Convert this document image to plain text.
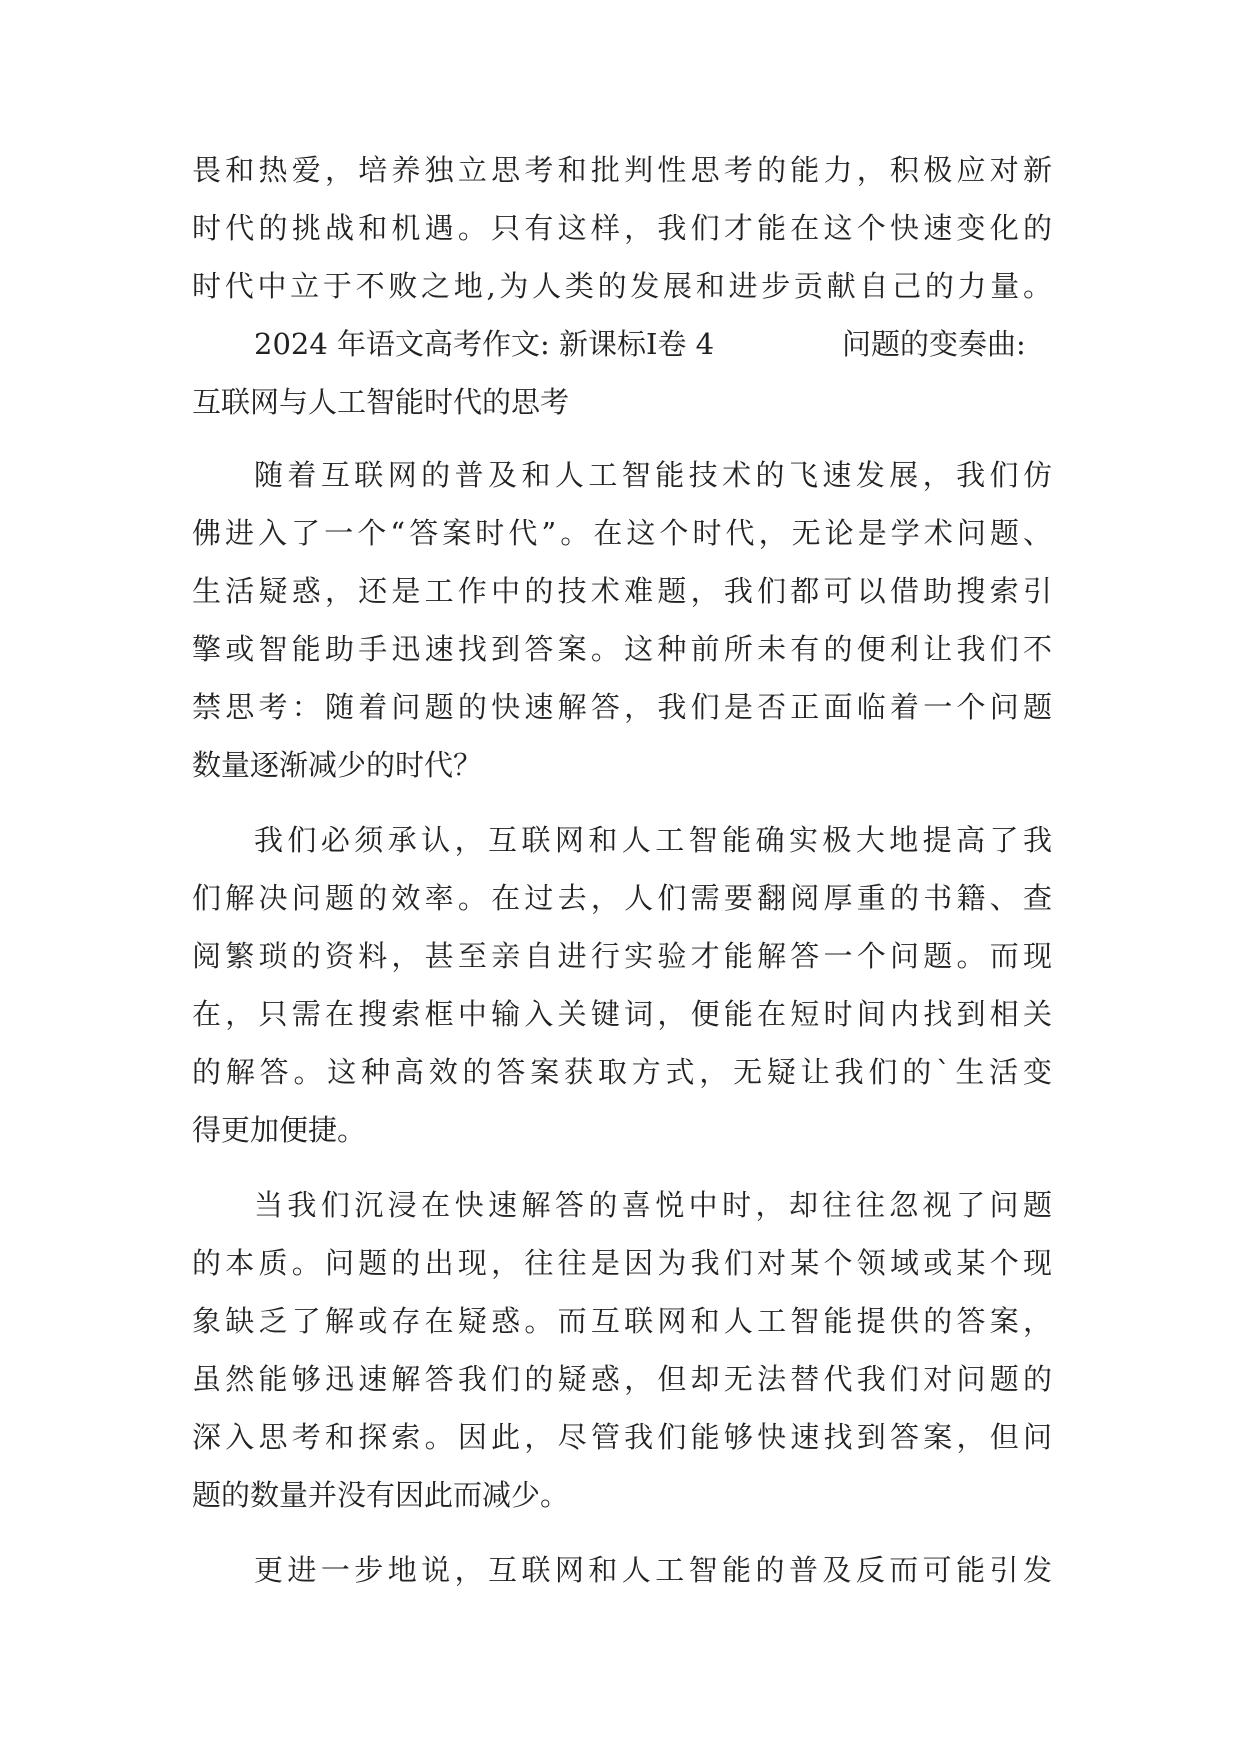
畏和热爱，培养独立思考和批判性思考的能力，积极应对新
时代的挑战和机遇。只有这样，我们才能在这个快速变化的
时代中立于不败之地,为人类的发展和进步贡献自己的力量。
2024 年语文高考作文: 新课标Ⅰ卷 4	问题的变奏曲:
互联网与人工智能时代的思考
随着互联网的普及和人工智能技术的飞速发展，我们仿
佛进入了一个“答案时代”。在这个时代，无论是学术问题、
生活疑惑，还是工作中的技术难题，我们都可以借助搜索引
擎或智能助手迅速找到答案。这种前所未有的便利让我们不
禁思考：随着问题的快速解答，我们是否正面临着一个问题
数量逐渐减少的时代？
我们必须承认，互联网和人工智能确实极大地提高了我
们解决问题的效率。在过去，人们需要翻阅厚重的书籍、查
阅繁琐的资料，甚至亲自进行实验才能解答一个问题。而现
在，只需在搜索框中输入关键词，便能在短时间内找到相关
的解答。这种高效的答案获取方式，无疑让我们的`生活变
得更加便捷。
当我们沉浸在快速解答的喜悦中时，却往往忽视了问题
的本质。问题的出现，往往是因为我们对某个领域或某个现
象缺乏了解或存在疑惑。而互联网和人工智能提供的答案，
虽然能够迅速解答我们的疑惑，但却无法替代我们对问题的
深入思考和探索。因此，尽管我们能够快速找到答案，但问
题的数量并没有因此而减少。
更进一步地说，互联网和人工智能的普及反而可能引发
